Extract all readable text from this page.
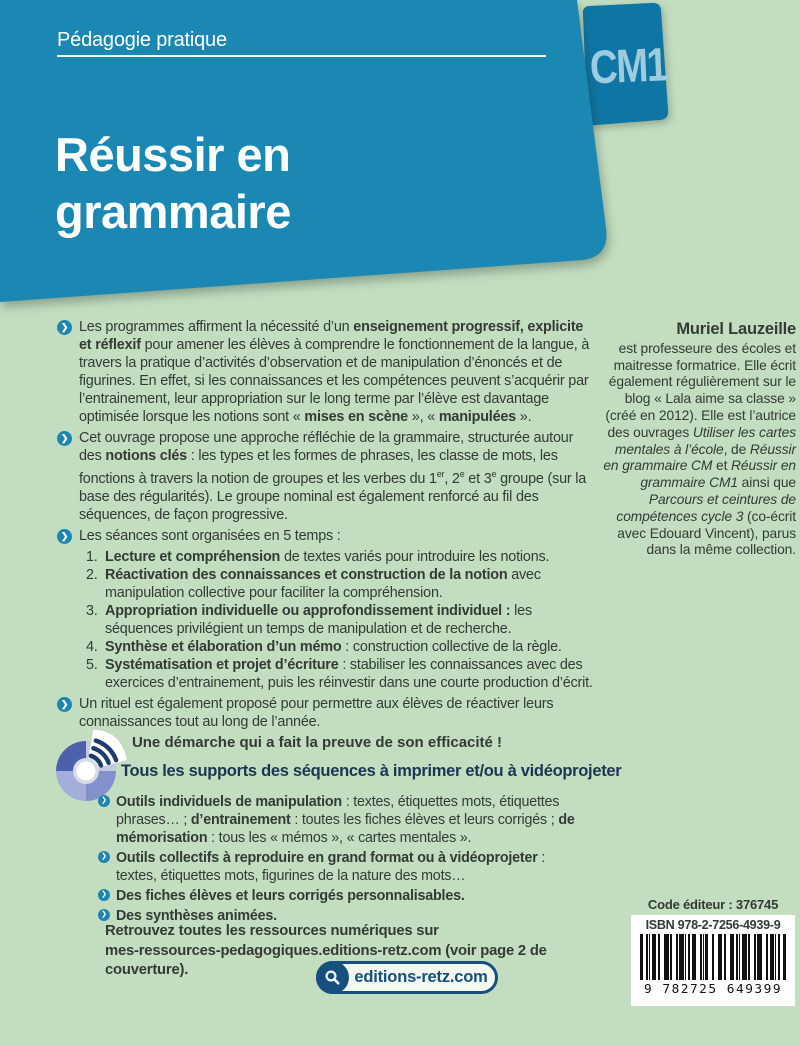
Pédagogie pratique	CM1
Réussir en
grammaire
❯

Les programmes affirment la nécessité d’un enseignement progressif, explicite et réflexif pour amener les élèves à comprendre le fonctionnement de la langue, à travers la pratique d’activités d’observation et de manipulation d’énoncés et de figurines. En effet, si les connaissances et les compétences peuvent s’acquérir par l’entrainement, leur appropriation sur le long terme par l’élève est davantage optimisée lorsque les notions sont « mises en scène », « manipulées ».

❯

Cet ouvrage propose une approche réfléchie de la grammaire, structurée autour des notions clés : les types et les formes de phrases, les classe de mots, les fonctions à travers la notion de groupes et les verbes du 1er, 2e et 3e groupe (sur la base des régularités). Le groupe nominal est également renforcé au fil des séquences, de façon progressive.

❯

Les séances sont organisées en 5 temps :

1. Lecture et compréhension de textes variés pour introduire les notions.
2. Réactivation des connaissances et construction de la notion avec manipulation collective pour faciliter la compréhension.
3. Appropriation individuelle ou approfondissement individuel : les séquences privilégient un temps de manipulation et de recherche.
4. Synthèse et élaboration d’un mémo : construction collective de la règle.
5. Systématisation et projet d’écriture : stabiliser les connaissances avec des exercices d’entrainement, puis les réinvestir dans une courte production d’écrit.
❯

Un rituel est également proposé pour permettre aux élèves de réactiver leurs connaissances tout au long de l’année.

Muriel Lauzeille
est professeure des écoles et maitresse formatrice. Elle écrit également régulièrement sur le blog « Lala aime sa classe » (créé en 2012). Elle est l’autrice des ouvrages Utiliser les cartes mentales à l’école, de Réussir en grammaire CM et Réussir en grammaire CM1 ainsi que Parcours et ceintures de compétences cycle 3 (co-écrit avec Edouard Vincent), parus dans la même collection.
Une démarche qui a fait la preuve de son efficacité !
Tous les supports des séquences à imprimer et/ou à vidéoprojeter
❯
Outils individuels de manipulation : textes, étiquettes mots, étiquettes phrases… ; d’entrainement : toutes les fiches élèves et leurs corrigés ; de mémorisation : tous les « mémos », « cartes mentales ».
❯
Outils collectifs à reproduire en grand format ou à vidéoprojeter : textes, étiquettes mots, figurines de la nature des mots…
❯
Des fiches élèves et leurs corrigés personnalisables.
❯
Des synthèses animées.
Retrouvez toutes les ressources numériques sur
mes-ressources-pedagogiques.editions-retz.com (voir page 2 de couverture).	editions-retz.com
Code éditeur : 376745
ISBN 978-2-7256-4939-9
9 782725 649399
